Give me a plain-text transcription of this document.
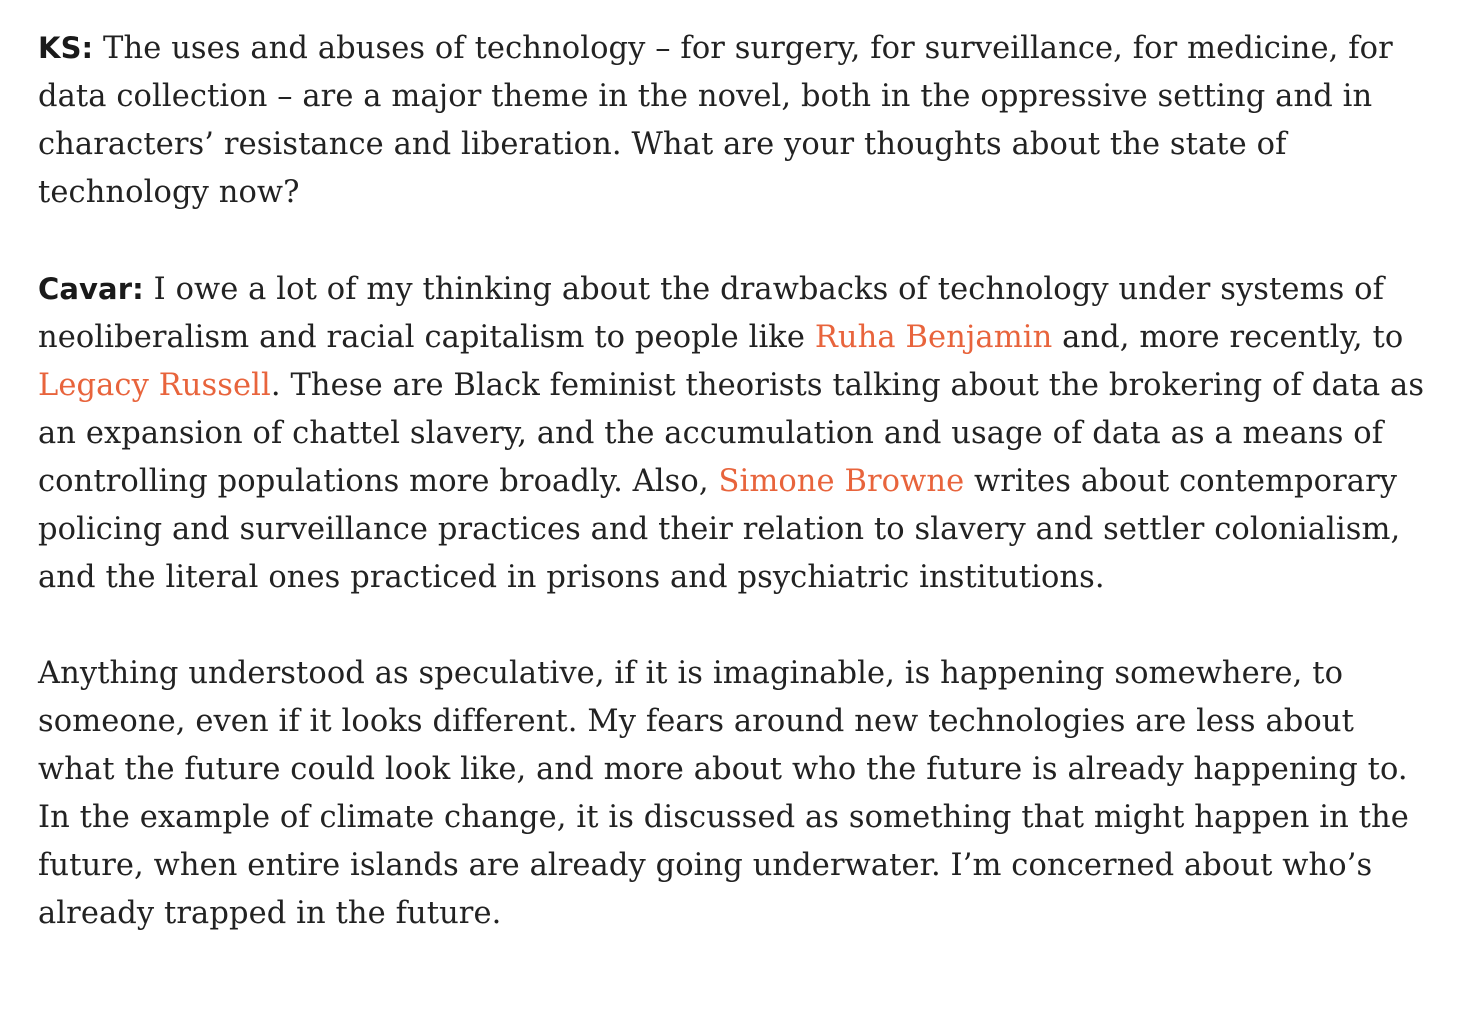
KS: The uses and abuses of technology – for surgery, for surveillance, for medicine, for data collection – are a major theme in the novel, both in the oppressive setting and in characters’ resistance and liberation. What are your thoughts about the state of technology now?

Cavar: I owe a lot of my thinking about the drawbacks of technology under systems of neoliberalism and racial capitalism to people like Ruha Benjamin and, more recently, to Legacy Russell. These are Black feminist theorists talking about the brokering of data as an expansion of chattel slavery, and the accumulation and usage of data as a means of controlling populations more broadly. Also, Simone Browne writes about contemporary policing and surveillance practices and their relation to slavery and settler colonialism, and the literal ones practiced in prisons and psychiatric institutions.

Anything understood as speculative, if it is imaginable, is happening somewhere, to someone, even if it looks different. My fears around new technologies are less about what the future could look like, and more about who the future is already happening to. In the example of climate change, it is discussed as something that might happen in the future, when entire islands are already going underwater. I’m concerned about who’s already trapped in the future.
